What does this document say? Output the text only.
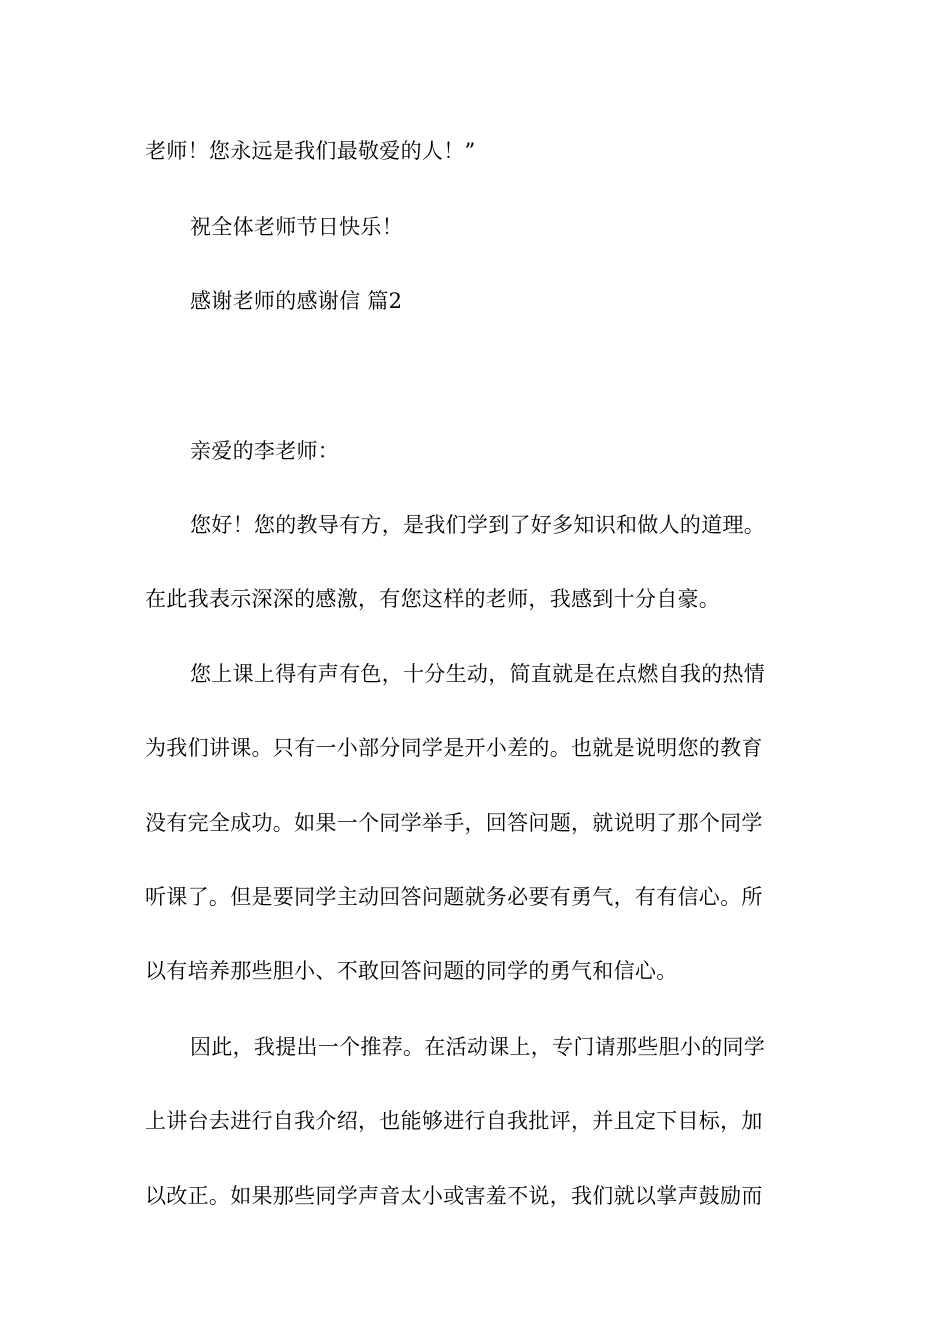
老师！您永远是我们最敬爱的人！”
祝全体老师节日快乐！
感谢老师的感谢信 篇2
亲爱的李老师：
您好！您的教导有方，是我们学到了好多知识和做人的道理。
在此我表示深深的感激，有您这样的老师，我感到十分自豪。
您上课上得有声有色，十分生动，简直就是在点燃自我的热情
为我们讲课。只有一小部分同学是开小差的。也就是说明您的教育
没有完全成功。如果一个同学举手，回答问题，就说明了那个同学
听课了。但是要同学主动回答问题就务必要有勇气，有有信心。所
以有培养那些胆小、不敢回答问题的同学的勇气和信心。
因此，我提出一个推荐。在活动课上，专门请那些胆小的同学
上讲台去进行自我介绍，也能够进行自我批评，并且定下目标，加
以改正。如果那些同学声音太小或害羞不说，我们就以掌声鼓励而
